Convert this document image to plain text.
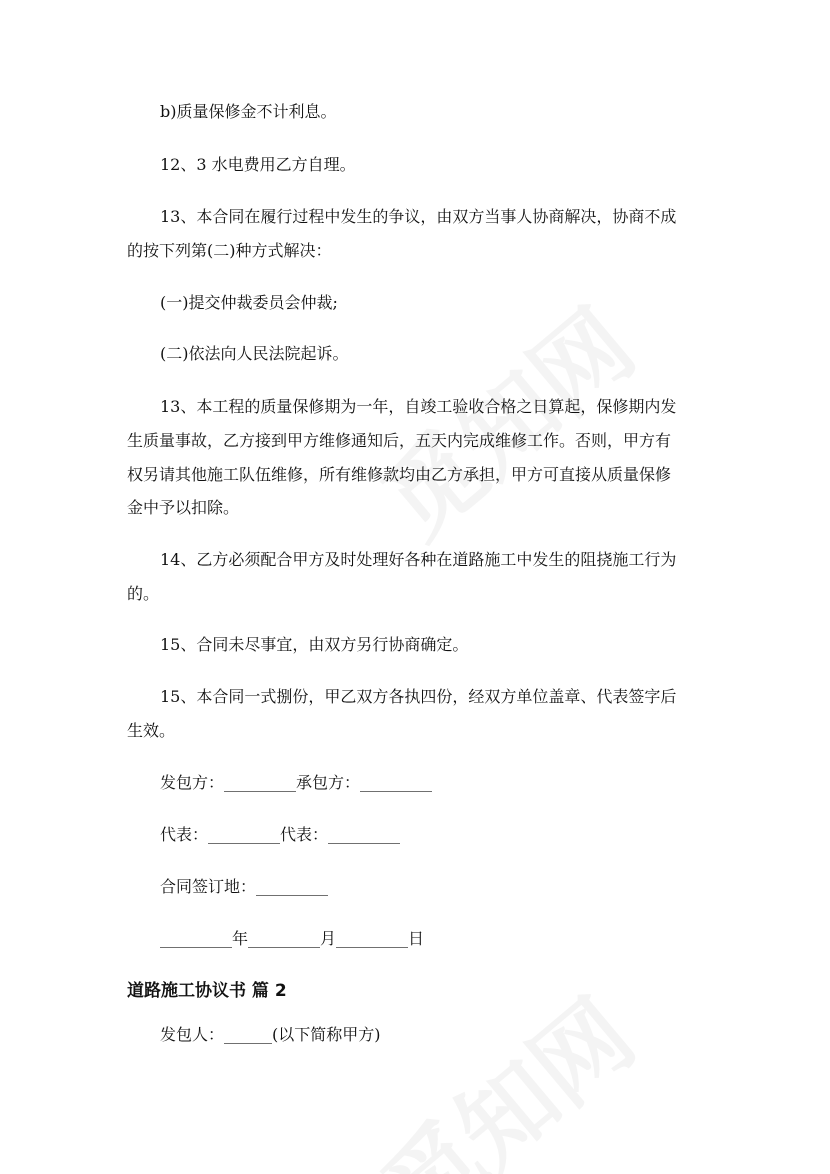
b)质量保修金不计利息。
12、3 水电费用乙方自理。
13、本合同在履行过程中发生的争议，由双方当事人协商解决，协商不成
的按下列第(二)种方式解决：
(一)提交仲裁委员会仲裁;
(二)依法向人民法院起诉。
13、本工程的质量保修期为一年，自竣工验收合格之日算起，保修期内发
生质量事故，乙方接到甲方维修通知后，五天内完成维修工作。否则，甲方有
权另请其他施工队伍维修，所有维修款均由乙方承担，甲方可直接从质量保修
金中予以扣除。
14、乙方必须配合甲方及时处理好各种在道路施工中发生的阻挠施工行为
的。
15、合同未尽事宜，由双方另行协商确定。
15、本合同一式捌份，甲乙双方各执四份，经双方单位盖章、代表签字后
生效。
发包方：_________承包方：_________
代表：_________代表：_________
合同签订地：_________
_________年_________月_________日
道路施工协议书 篇 2
发包人：______(以下简称甲方)
